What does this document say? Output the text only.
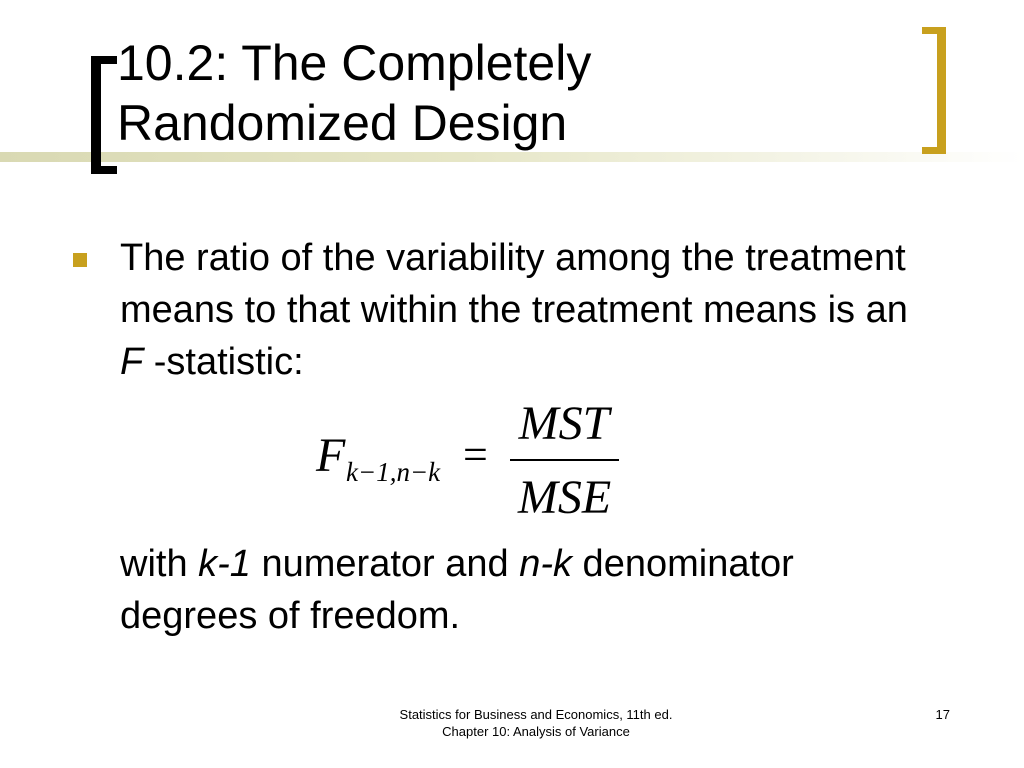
10.2: The Completely
Randomized Design

The ratio of the variability among the treatment means to that within the treatment means is an F -statistic:

F k−1,n−k =
MST
MSE

with k-1 numerator and n-k denominator degrees of freedom.

Statistics for Business and Economics, 11th ed.
Chapter 10: Analysis of Variance
17
